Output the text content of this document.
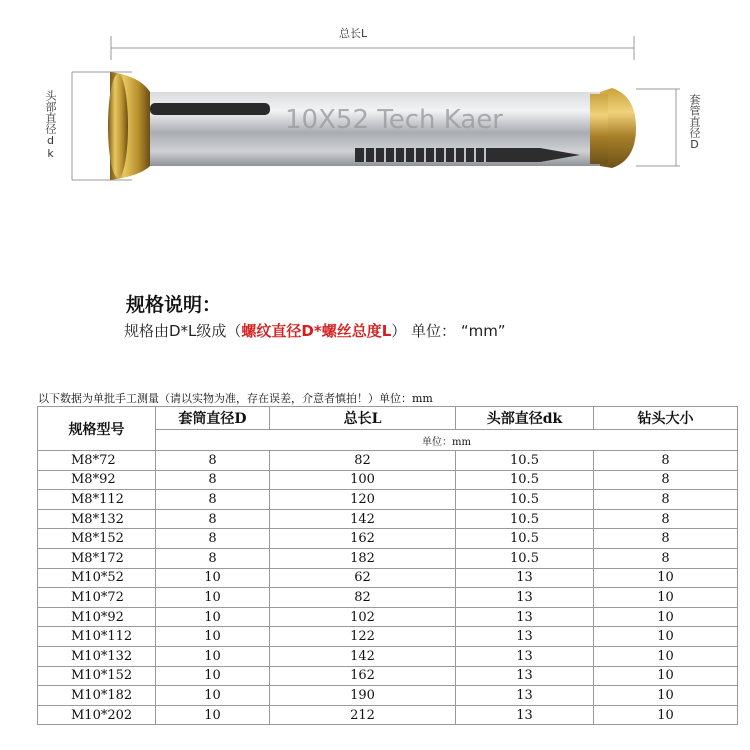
10X52 Tech Kaer
总长L
头部直径dk	套管直径D
规格说明：
规格由D*L级成（螺纹直径D*螺丝总度L） 单位： “mm”
以下数据为单批手工测量（请以实物为准，存在误差，介意者慎拍！）单位：mm
规格型号	套筒直径D	总长L	头部直径dk	钻头大小
	单位：mm			
M8*72	8	82	10.5	8
M8*92	8	100	10.5	8
M8*112	8	120	10.5	8
M8*132	8	142	10.5	8
M8*152	8	162	10.5	8
M8*172	8	182	10.5	8
M10*52	10	62	13	10
M10*72	10	82	13	10
M10*92	10	102	13	10
M10*112	10	122	13	10
M10*132	10	142	13	10
M10*152	10	162	13	10
M10*182	10	190	13	10
M10*202	10	212	13	10
